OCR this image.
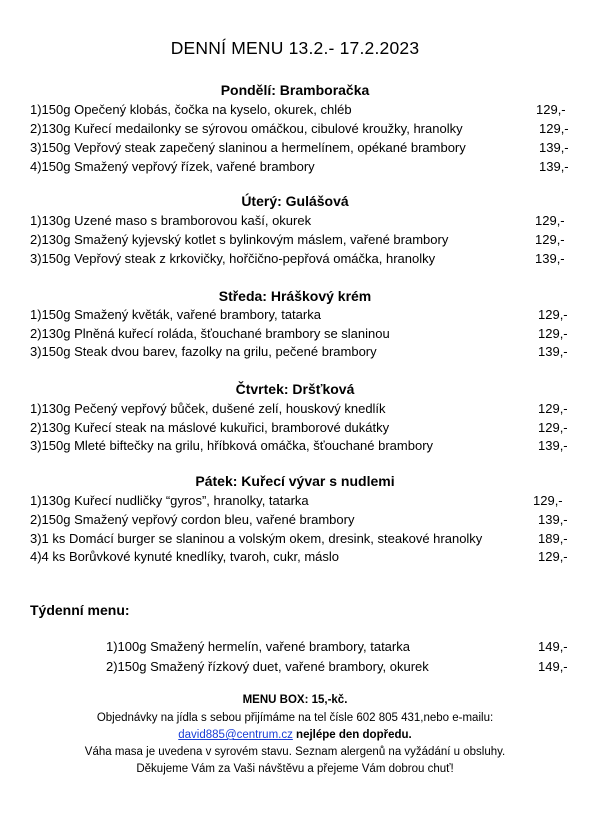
DENNÍ MENU 13.2.- 17.2.2023
Pondělí: Bramboračka
1)150g Opečený klobás, čočka na kyselo, okurek, chléb	129,-
2)130g Kuřecí medailonky se sýrovou omáčkou, cibulové kroužky, hranolky	129,-
3)150g Vepřový steak zapečený slaninou a hermelínem, opékané brambory	139,-
4)150g Smažený vepřový řízek, vařené brambory	139,-
Úterý: Gulášová
1)130g Uzené maso s bramborovou kaší, okurek	129,-
2)130g Smažený kyjevský kotlet s bylinkovým máslem, vařené brambory	129,-
3)150g Vepřový steak z krkovičky, hořčično-pepřová omáčka, hranolky	139,-
Středa: Hráškový krém
1)150g Smažený květák, vařené brambory, tatarka	129,-
2)130g Plněná kuřecí roláda, šťouchané brambory se slaninou	129,-
3)150g Steak dvou barev, fazolky na grilu, pečené brambory	139,-
Čtvrtek: Dršťková
1)130g Pečený vepřový bůček, dušené zelí, houskový knedlík	129,-
2)130g Kuřecí steak na máslové kukuřici, bramborové dukátky	129,-
3)150g Mleté biftečky na grilu, hříbková omáčka, šťouchané brambory	139,-
Pátek: Kuřecí vývar s nudlemi
1)130g Kuřecí nudličky “gyros”, hranolky, tatarka	129,-
2)150g Smažený vepřový cordon bleu, vařené brambory	139,-
3)1 ks Domácí burger se slaninou a volským okem, dresink, steakové hranolky	189,-
4)4 ks Borůvkové kynuté knedlíky, tvaroh, cukr, máslo	129,-
Týdenní menu:
1)100g Smažený hermelín, vařené brambory, tatarka	149,-
2)150g Smažený řízkový duet, vařené brambory, okurek	149,-
MENU BOX: 15,-kč.
Objednávky na jídla s sebou přijímáme na tel čísle 602 805 431,nebo e-mailu:
david885@centrum.cz nejlépe den dopředu.
Váha masa je uvedena v syrovém stavu. Seznam alergenů na vyžádání u obsluhy.
Děkujeme Vám za Vaši návštěvu a přejeme Vám dobrou chuť!
